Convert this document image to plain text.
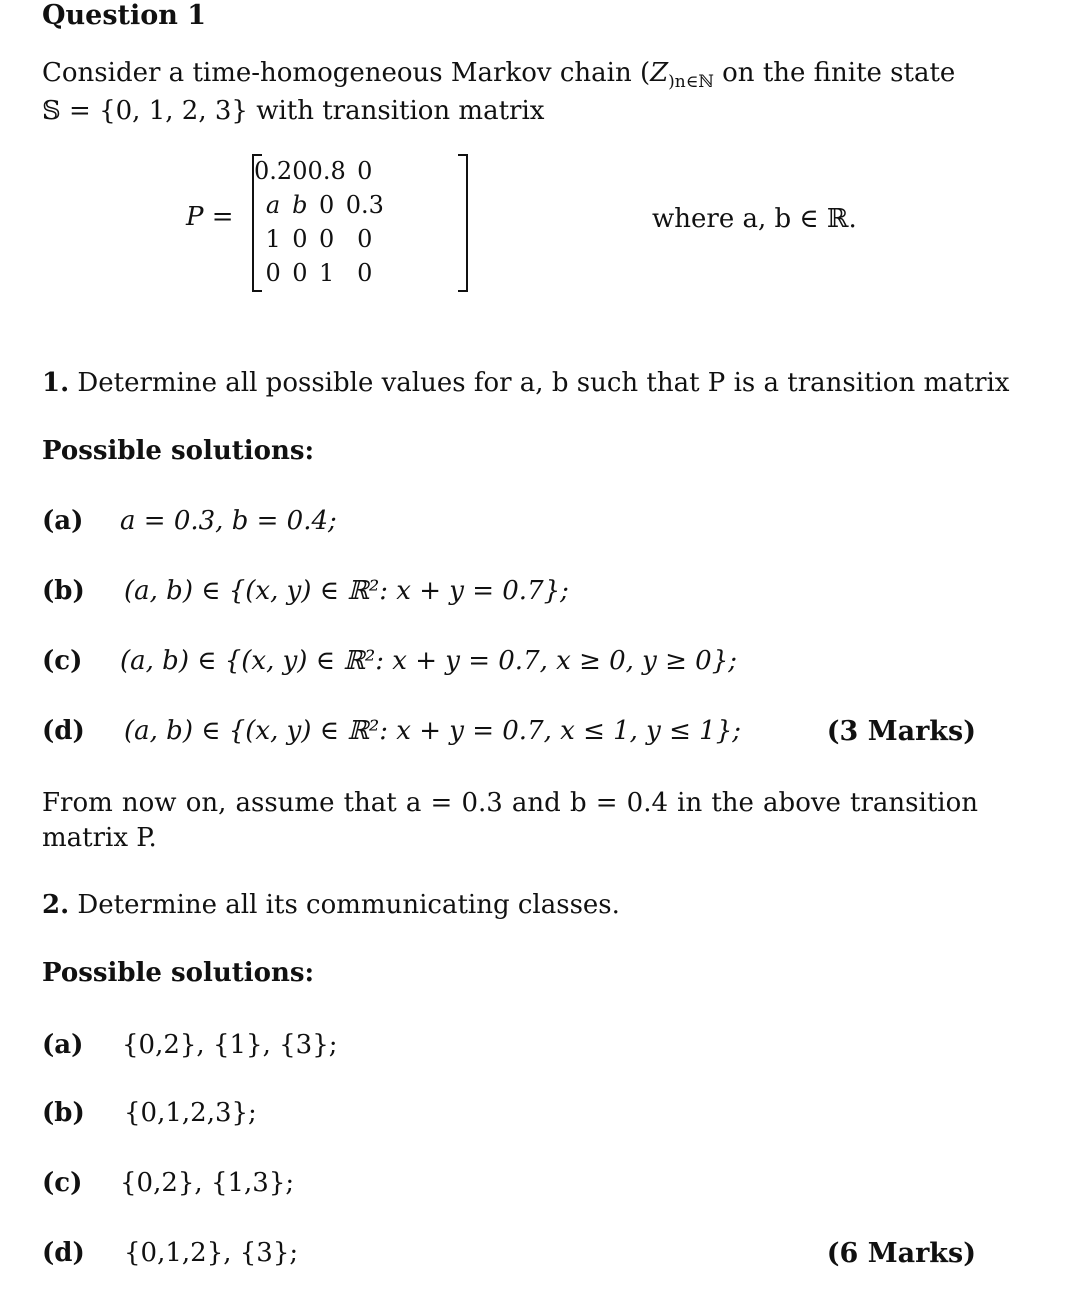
Question 1
Consider a time-homogeneous Markov chain ($Z_{)n\in ℕ}$ on the finite state
𝕊 = {0, 1, 2, 3} with transition matrix
P =
0.2	0	0.8	0
a	b	0	0.3
1	0	0	0
0	0	1	0
where a, b ∈ ℝ.
1. Determine all possible values for a, b such that P is a transition matrix
Possible solutions:
(a) a = 0.3, b = 0.4;
(b) (a, b) ∈ {(x, y) ∈ ℝ²: x + y = 0.7};
(c) (a, b) ∈ {(x, y) ∈ ℝ²: x + y = 0.7, x ≥ 0, y ≥ 0};
(d) (a, b) ∈ {(x, y) ∈ ℝ²: x + y = 0.7, x ≤ 1, y ≤ 1};	(3 Marks)
From now on, assume that a = 0.3 and b = 0.4 in the above transition matrix P.
2. Determine all its communicating classes.
Possible solutions:
(a) {0,2}, {1}, {3};
(b) {0,1,2,3};
(c) {0,2}, {1,3};
(d) {0,1,2}, {3};	(6 Marks)
